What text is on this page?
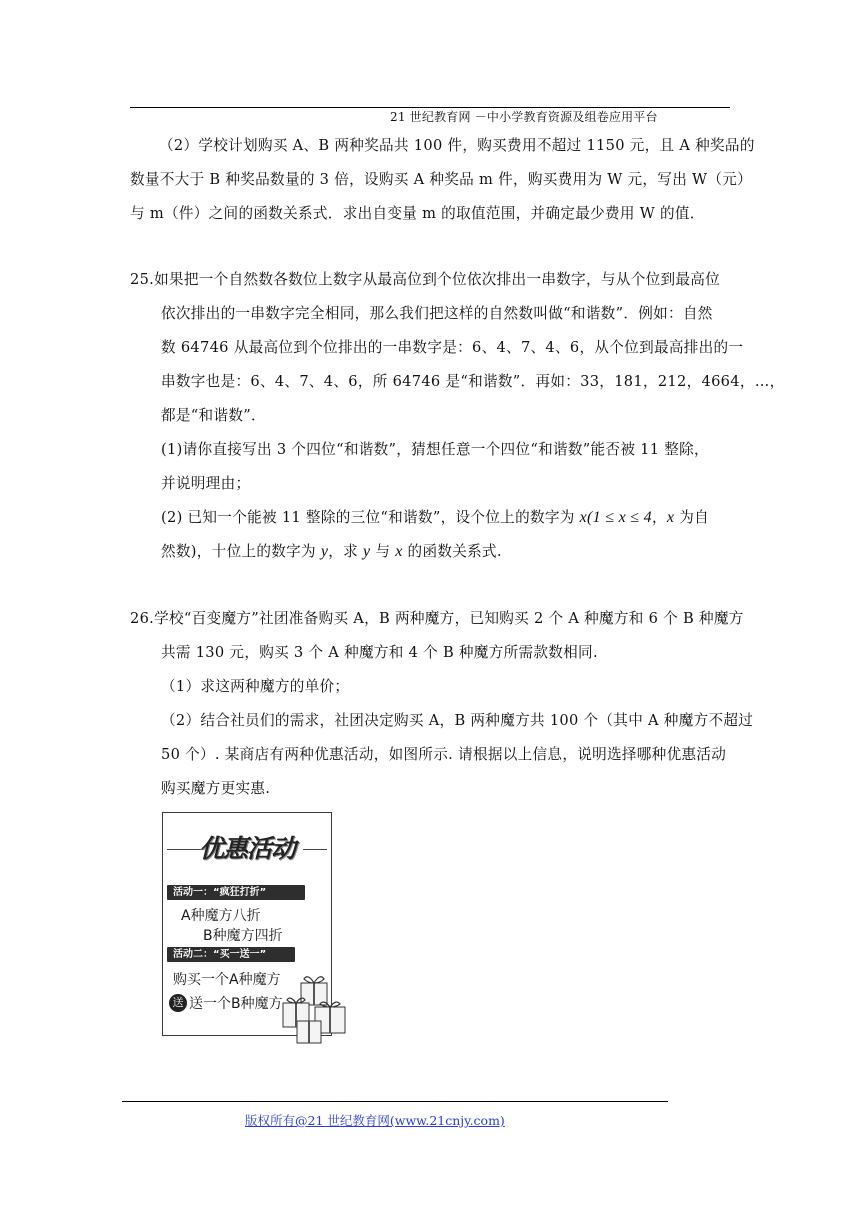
21 世纪教育网 －中小学教育资源及组卷应用平台
（2）学校计划购买 A、B 两种奖品共 100 件，购买费用不超过 1150 元，且 A 种奖品的
数量不大于 B 种奖品数量的 3 倍，设购买 A 种奖品 m 件，购买费用为 W 元，写出 W（元）
与 m（件）之间的函数关系式．求出自变量 m 的取值范围，并确定最少费用 W 的值．
25.如果把一个自然数各数位上数字从最高位到个位依次排出一串数字，与从个位到最高位
依次排出的一串数字完全相同，那么我们把这样的自然数叫做“和谐数”．例如：自然
数 64746 从最高位到个位排出的一串数字是：6、4、7、4、6，从个位到最高排出的一
串数字也是：6、4、7、4、6，所 64746 是“和谐数”．再如：33，181，212，4664，…，
都是“和谐数”．
(1)请你直接写出 3 个四位“和谐数”，猜想任意一个四位“和谐数”能否被 11 整除，
并说明理由；
(2) 已知一个能被 11 整除的三位“和谐数”，设个位上的数字为 x(1 ≤ x ≤ 4，x 为自
然数)，十位上的数字为 y，求 y 与 x 的函数关系式.
26.学校“百变魔方”社团准备购买 A，B 两种魔方，已知购买 2 个 A 种魔方和 6 个 B 种魔方
共需 130 元，购买 3 个 A 种魔方和 4 个 B 种魔方所需款数相同.
（1）求这两种魔方的单价；
（2）结合社员们的需求，社团决定购买 A，B 两种魔方共 100 个（其中 A 种魔方不超过
50 个）. 某商店有两种优惠活动，如图所示. 请根据以上信息，说明选择哪种优惠活动
购买魔方更实惠.
优惠活动
活动一：“疯狂打折”
A种魔方八折
B种魔方四折
活动二：“买一送一”
购买一个A种魔方
送 送一个B种魔方
版权所有@21 世纪教育网(www.21cnjy.com)
